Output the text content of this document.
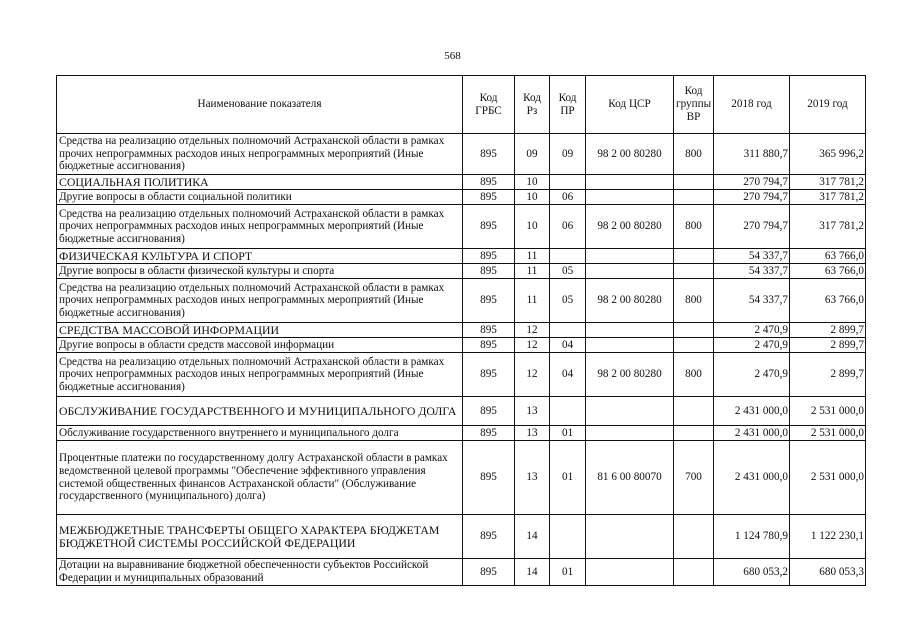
568
Наименование показателя	Код ГРБС	Код Рз	Код ПР	Код ЦСР	Код группы ВР	2018 год	2019 год
Средства на реализацию отдельных полномочий Астраханской области в рамках прочих непрограммных расходов иных непрограммных мероприятий (Иные бюджетные ассигнования)	895	09	09	98 2 00 80280	800	311 880,7	365 996,2
СОЦИАЛЬНАЯ ПОЛИТИКА	895	10				270 794,7	317 781,2
Другие вопросы в области социальной политики	895	10	06			270 794,7	317 781,2
Средства на реализацию отдельных полномочий Астраханской области в рамках прочих непрограммных расходов иных непрограммных мероприятий (Иные бюджетные ассигнования)	895	10	06	98 2 00 80280	800	270 794,7	317 781,2
ФИЗИЧЕСКАЯ КУЛЬТУРА И СПОРТ	895	11				54 337,7	63 766,0
Другие вопросы в области физической культуры и спорта	895	11	05			54 337,7	63 766,0
Средства на реализацию отдельных полномочий Астраханской области в рамках прочих непрограммных расходов иных непрограммных мероприятий (Иные бюджетные ассигнования)	895	11	05	98 2 00 80280	800	54 337,7	63 766,0
СРЕДСТВА МАССОВОЙ ИНФОРМАЦИИ	895	12				2 470,9	2 899,7
Другие вопросы в области средств массовой информации	895	12	04			2 470,9	2 899,7
Средства на реализацию отдельных полномочий Астраханской области в рамках прочих непрограммных расходов иных непрограммных мероприятий (Иные бюджетные ассигнования)	895	12	04	98 2 00 80280	800	2 470,9	2 899,7
ОБСЛУЖИВАНИЕ ГОСУДАРСТВЕННОГО И МУНИЦИПАЛЬНОГО ДОЛГА	895	13				2 431 000,0	2 531 000,0
Обслуживание государственного внутреннего и муниципального долга	895	13	01			2 431 000,0	2 531 000,0
Процентные платежи по государственному долгу Астраханской области в рамках ведомственной целевой программы "Обеспечение эффективного управления системой общественных финансов Астраханской области" (Обслуживание государственного (муниципального) долга)	895	13	01	81 6 00 80070	700	2 431 000,0	2 531 000,0
МЕЖБЮДЖЕТНЫЕ ТРАНСФЕРТЫ ОБЩЕГО ХАРАКТЕРА БЮДЖЕТАМ БЮДЖЕТНОЙ СИСТЕМЫ РОССИЙСКОЙ ФЕДЕРАЦИИ	895	14				1 124 780,9	1 122 230,1
Дотации на выравнивание бюджетной обеспеченности субъектов Российской Федерации и муниципальных образований	895	14	01			680 053,2	680 053,3
